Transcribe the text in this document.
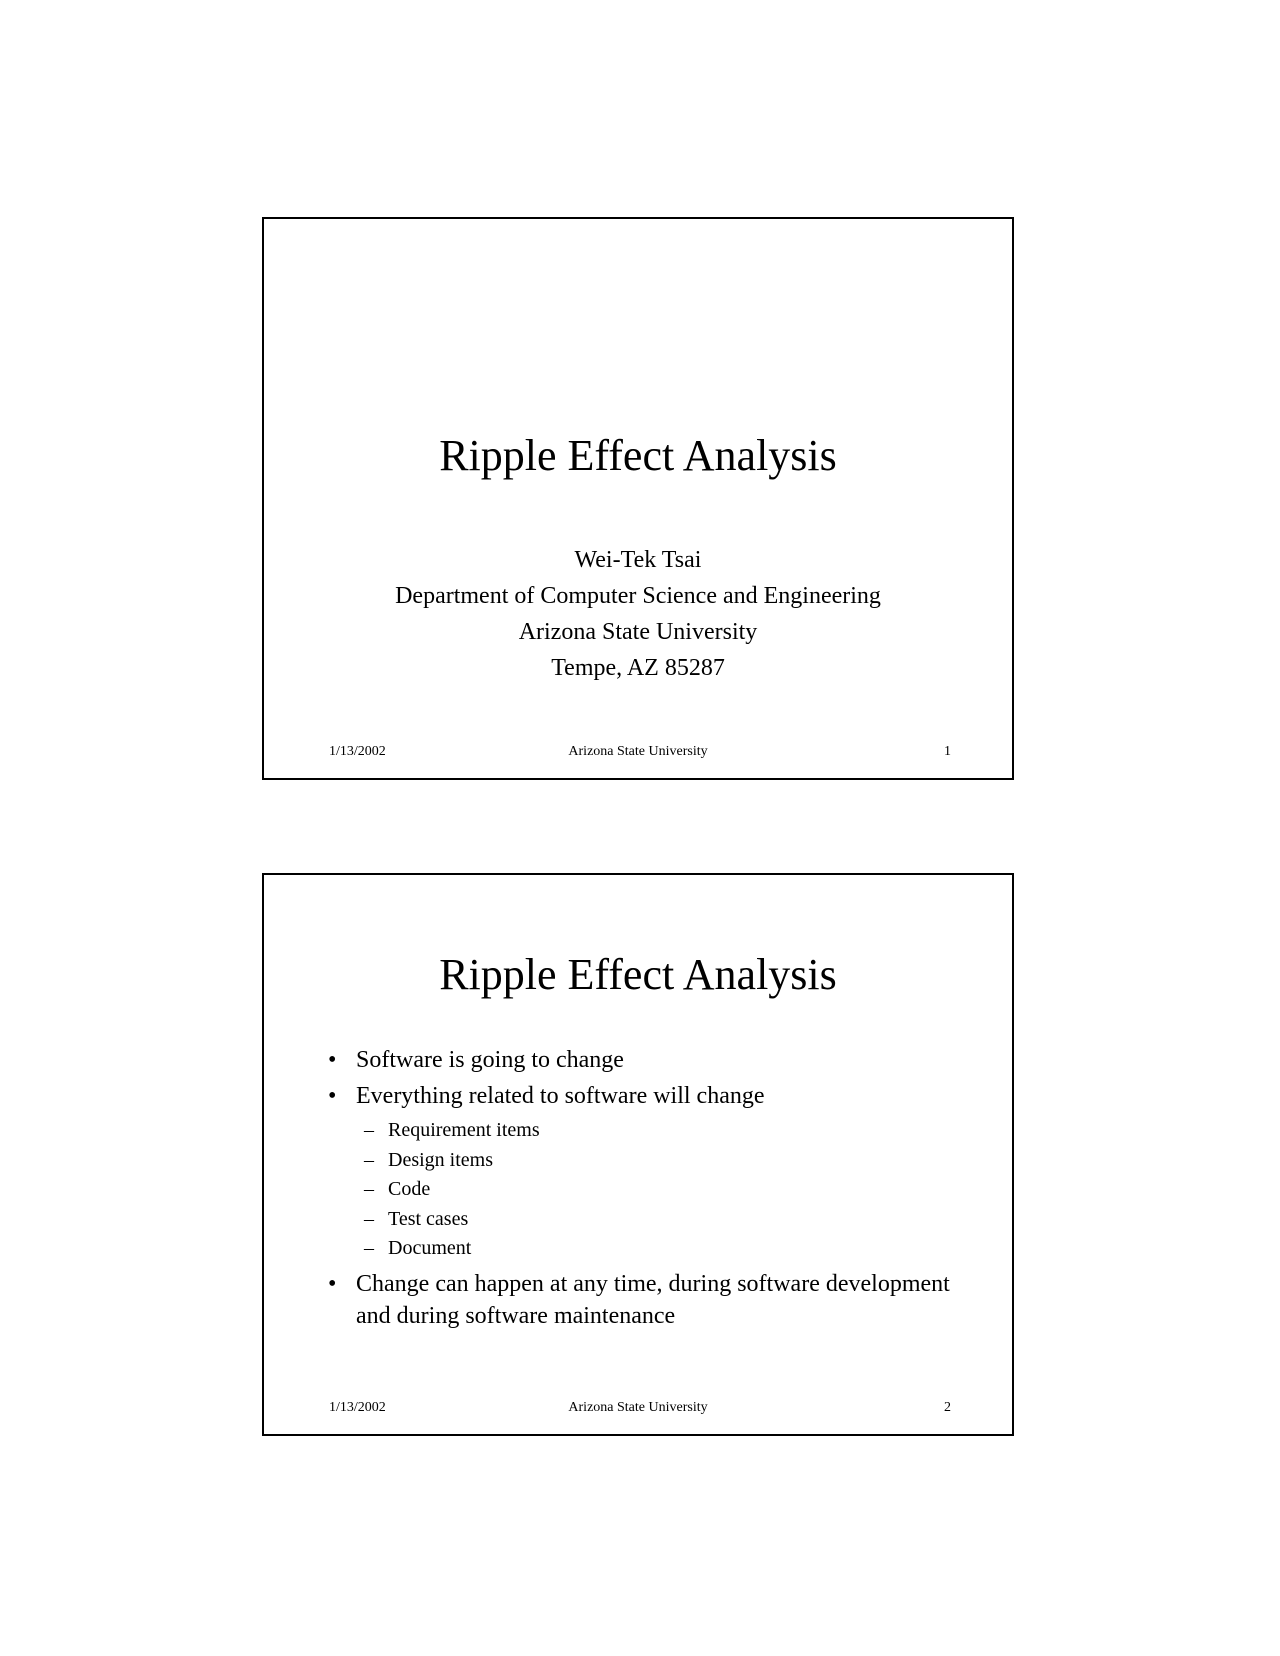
Ripple Effect Analysis
Wei-Tek Tsai
Department of Computer Science and Engineering
Arizona State University
Tempe, AZ 85287
1/13/2002	Arizona State University	1
Ripple Effect Analysis
• Software is going to change
• Everything related to software will change
– Requirement items
– Design items
– Code
– Test cases
– Document
• Change can happen at any time, during software development and during software maintenance
1/13/2002	Arizona State University	2
